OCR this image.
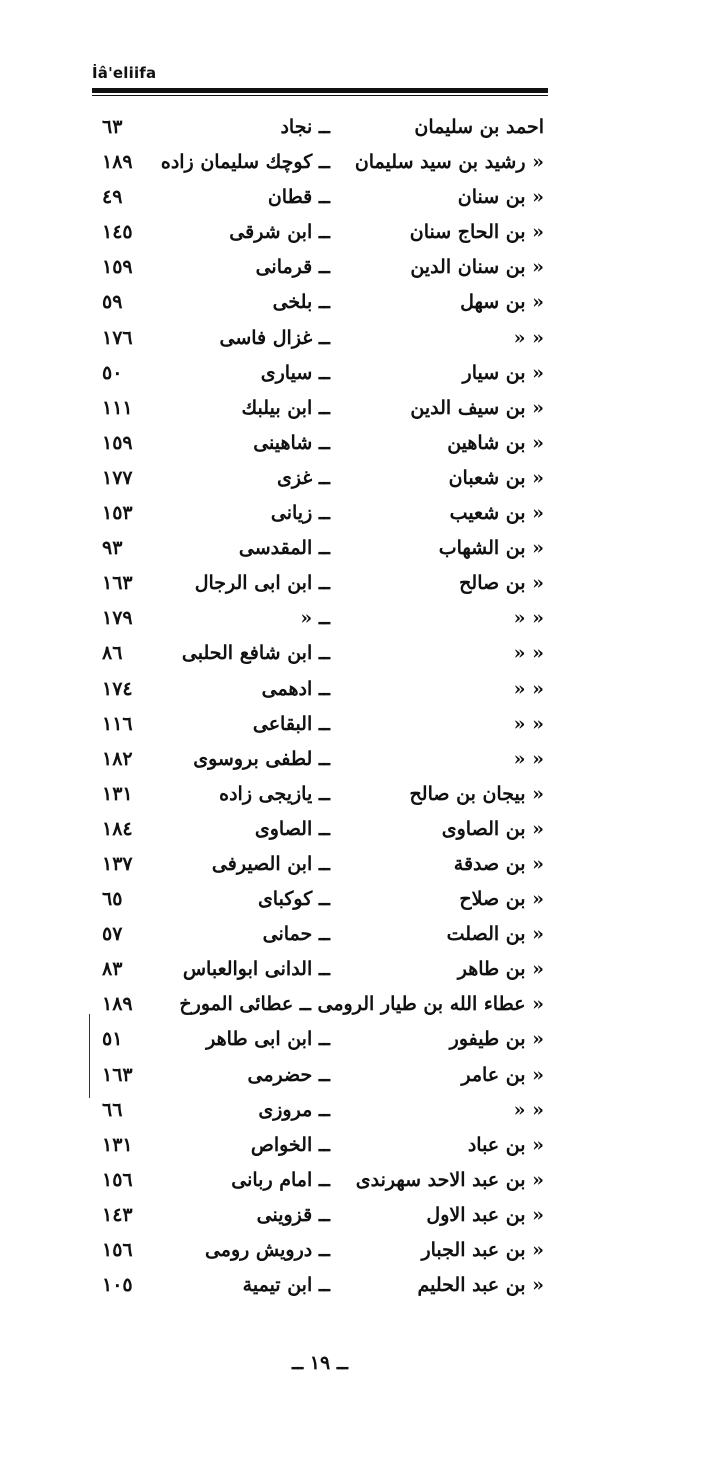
İâ'eliifa
احمد بن سليمان
ــ نجاد
٦٣
« رشيد بن سيد سليمان
ــ كوچك سليمان زاده
١٨٩
« بن سنان
ــ قطان
٤٩
« بن الحاج سنان
ــ ابن شرقى
١٤٥
« بن سنان الدين
ــ قرمانى
١٥٩
« بن سهل
ــ بلخى
٥٩
« «
ــ غزال فاسى
١٧٦
« بن سيار
ــ سيارى
٥٠
« بن سيف الدين
ــ ابن بيلبك
١١١
« بن شاهين
ــ شاهينى
١٥٩
« بن شعبان
ــ غزى
١٧٧
« بن شعيب
ــ زيانى
١٥٣
« بن الشهاب
ــ المقدسى
٩٣
« بن صالح
ــ ابن ابى الرجال
١٦٣
« «
ــ «
١٧٩
« «
ــ ابن شافع الحلبى
٨٦
« «
ــ ادهمى
١٧٤
« «
ــ البقاعى
١١٦
« «
ــ لطفى بروسوى
١٨٢
« بيجان بن صالح
ــ يازيجى زاده
١٣١
« بن الصاوى
ــ الصاوى
١٨٤
« بن صدقة
ــ ابن الصيرفى
١٣٧
« بن صلاح
ــ كوكباى
٦٥
« بن الصلت
ــ حمانى
٥٧
« بن طاهر
ــ الدانى ابوالعباس
٨٣
« عطاء الله بن طيار الرومى ــ عطائى المورخ
١٨٩
« بن طيفور
ــ ابن ابى طاهر
٥١
« بن عامر
ــ حضرمى
١٦٣
« «
ــ مروزى
٦٦
« بن عباد
ــ الخواص
١٣١
« بن عبد الاحد سهرندى
ــ امام ربانى
١٥٦
« بن عبد الاول
ــ قزوينى
١٤٣
« بن عبد الجبار
ــ درويش رومى
١٥٦
« بن عبد الحليم
ــ ابن تيمية
١٠٥
ــ ١٩ ــ
